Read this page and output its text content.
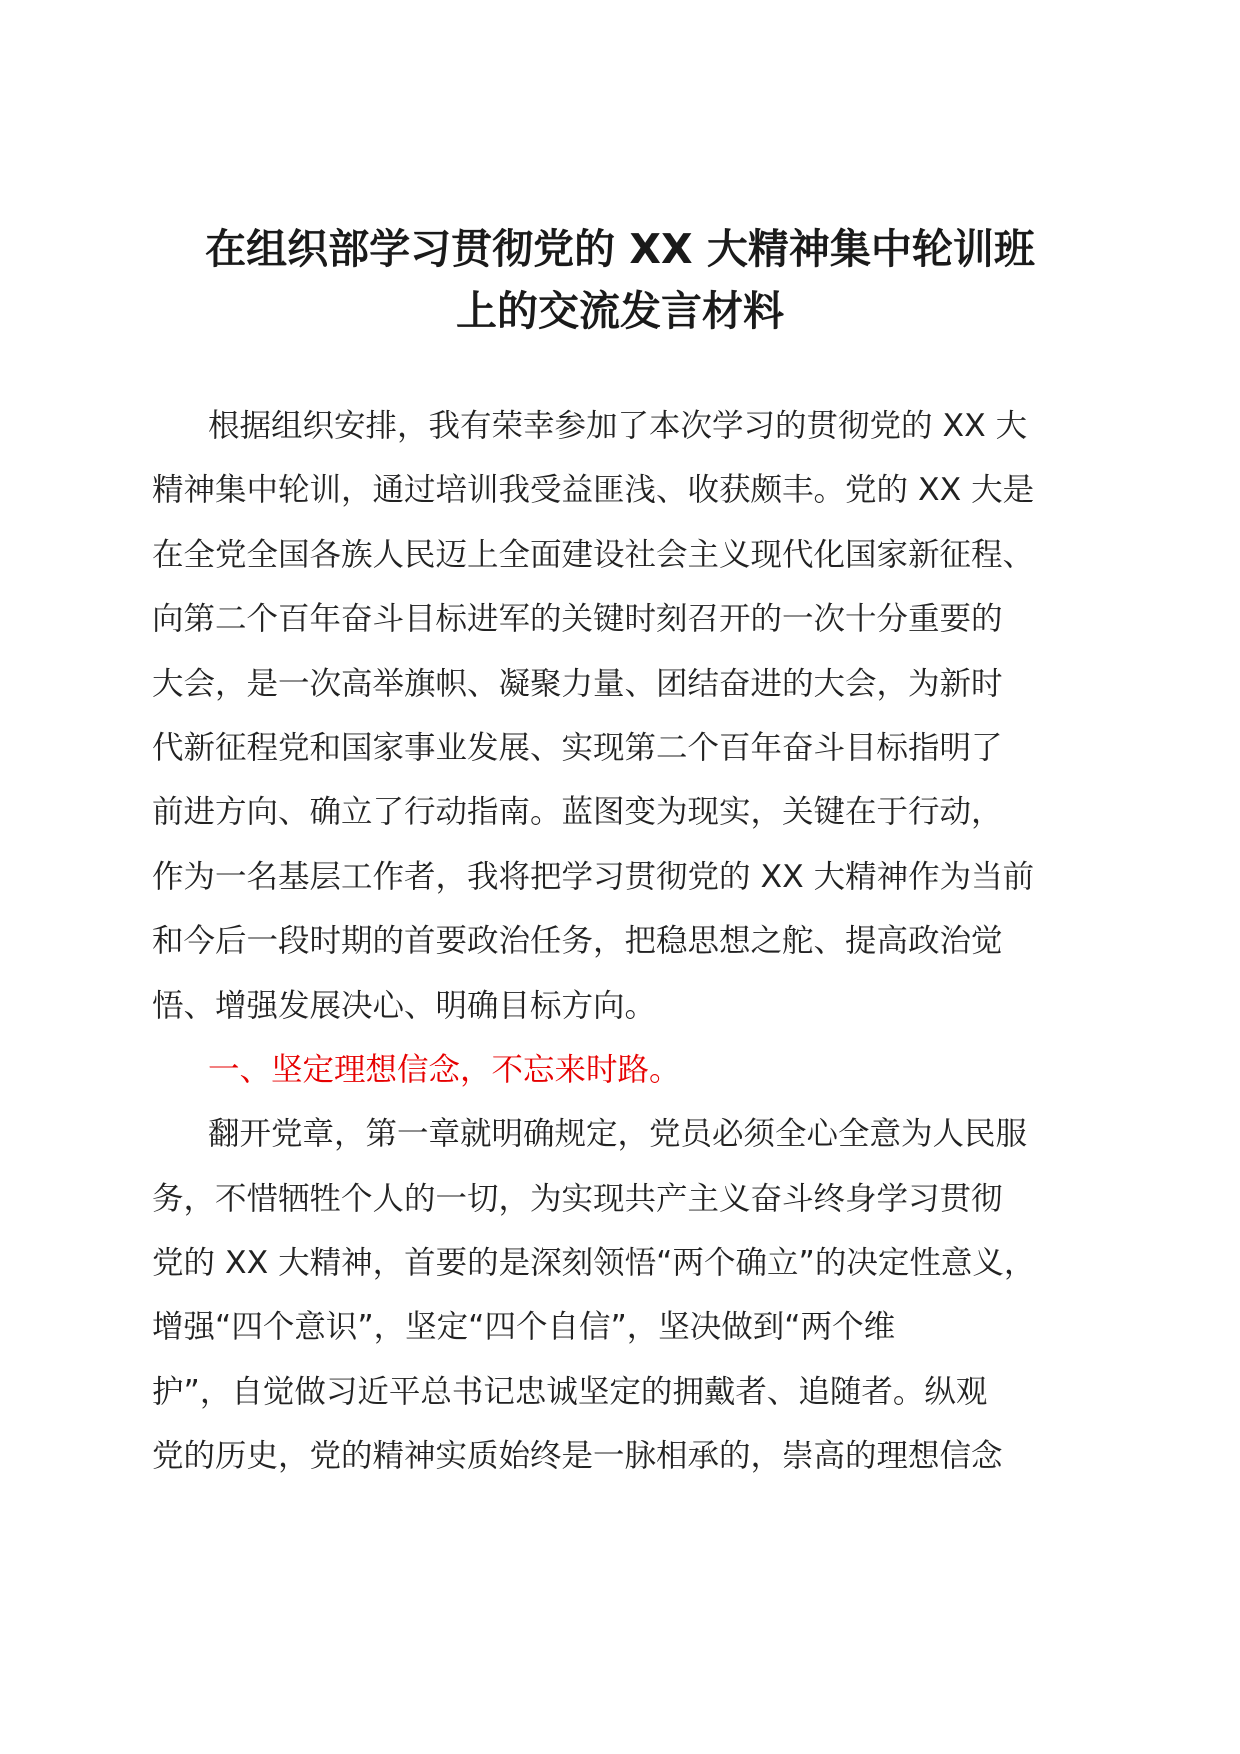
在组织部学习贯彻党的 XX 大精神集中轮训班
上的交流发言材料
根据组织安排，我有荣幸参加了本次学习的贯彻党的 XX 大
精神集中轮训，通过培训我受益匪浅、收获颇丰。党的 XX 大是
在全党全国各族人民迈上全面建设社会主义现代化国家新征程、
向第二个百年奋斗目标进军的关键时刻召开的一次十分重要的
大会，是一次高举旗帜、凝聚力量、团结奋进的大会，为新时
代新征程党和国家事业发展、实现第二个百年奋斗目标指明了
前进方向、确立了行动指南。蓝图变为现实，关键在于行动，
作为一名基层工作者，我将把学习贯彻党的 XX 大精神作为当前
和今后一段时期的首要政治任务，把稳思想之舵、提高政治觉
悟、增强发展决心、明确目标方向。
一、坚定理想信念，不忘来时路。
翻开党章，第一章就明确规定，党员必须全心全意为人民服
务，不惜牺牲个人的一切，为实现共产主义奋斗终身学习贯彻
党的 XX 大精神，首要的是深刻领悟“两个确立”的决定性意义，
增强“四个意识”，坚定“四个自信”，坚决做到“两个维
护”，自觉做习近平总书记忠诚坚定的拥戴者、追随者。纵观
党的历史，党的精神实质始终是一脉相承的，崇高的理想信念
